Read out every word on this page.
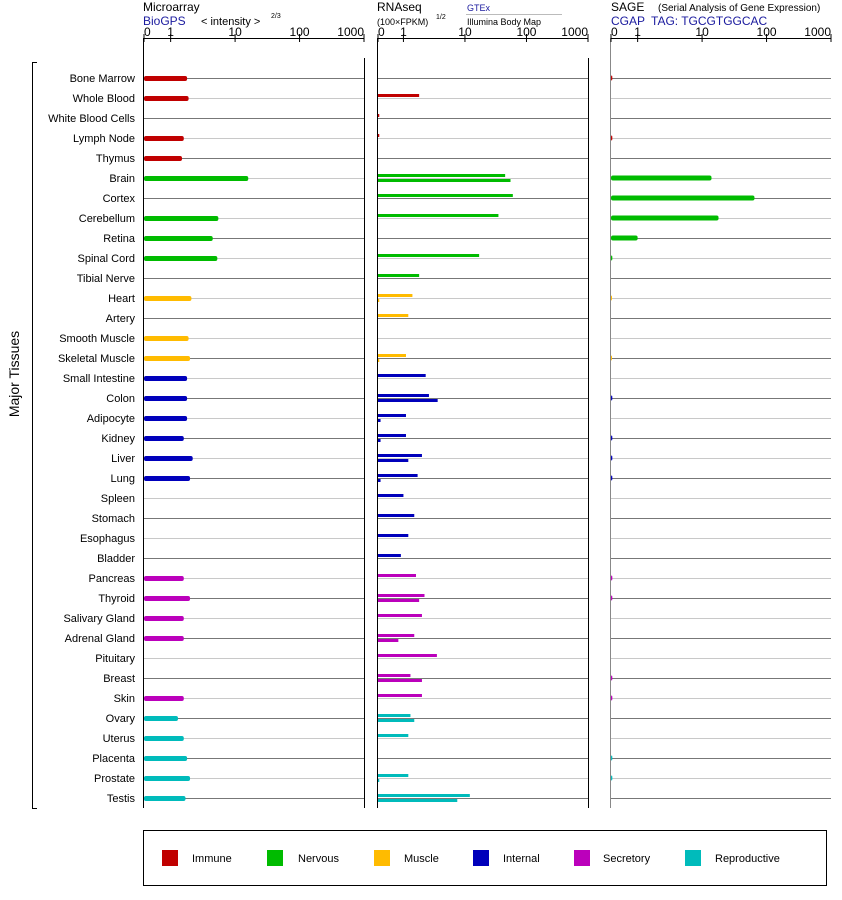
Microarray
BioGPS < intensity > 2/3
RNAseq
(100×FPKM) 1/2
GTEx
Illumina Body Map
SAGE (Serial Analysis of Gene Expression)
CGAP TAG: TGCGTGGCAC
Major Tissues
Bone Marrow
Whole Blood
White Blood Cells
Lymph Node
Thymus
Brain
Cortex
Cerebellum
Retina
Spinal Cord
Tibial Nerve
Heart
Artery
Smooth Muscle
Skeletal Muscle
Small Intestine
Colon
Adipocyte
Kidney
Liver
Lung
Spleen
Stomach
Esophagus
Bladder
Pancreas
Thyroid
Salivary Gland
Adrenal Gland
Pituitary
Breast
Skin
Ovary
Uterus
Placenta
Prostate
Testis
0 1	10	100 1000 0 1	10	100 1000 0 1	10	100 1000
Immune	Nervous	Muscle	Internal	Secretory	Reproductive
